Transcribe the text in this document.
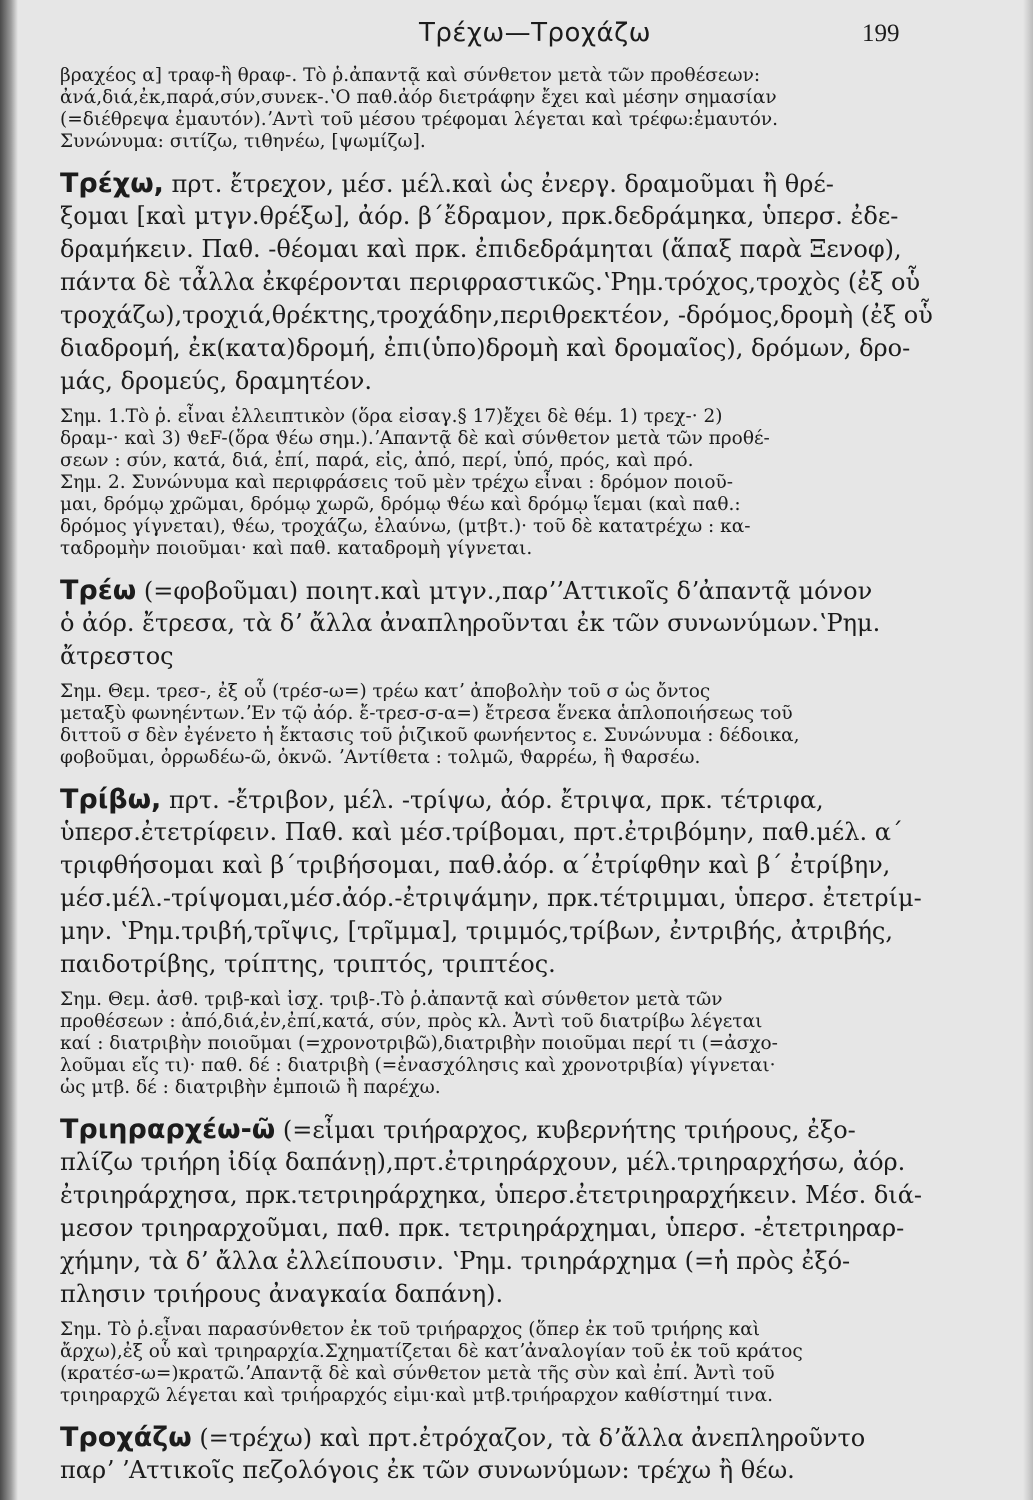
Τρέχω—Τροχάζω	199
βραχέος α] τραφ-ἢ θραφ-. Τὸ ῥ.ἀπαντᾷ καὶ σύνθετον μετὰ τῶν προθέσεων:
ἀνά,διά,ἐκ,παρά,σύν,συνεκ-.ʽΟ παθ.ἀόρ διετράφην ἔχει καὶ μέσην σημασίαν
(=διέθρεψα ἐμαυτόν).ʼΑντὶ τοῦ μέσου τρέφομαι λέγεται καὶ τρέφω:ἐμαυτόν.
Συνώνυμα: σιτίζω, τιθηνέω, [ψωμίζω].
Τρέχω, πρτ. ἔτρεχον, μέσ. μέλ.καὶ ὡς ἐνεργ. δραμοῦμαι ἢ θρέ-
ξομαι [καὶ μτγν.θρέξω], ἀόρ. β΄ἔδραμον, πρκ.δεδράμηκα, ὑπερσ. ἐδε-
δραμήκειν. Παθ. -θέομαι καὶ πρκ. ἐπιδεδράμηται (ἅπαξ παρὰ Ξενοφ),
πάντα δὲ τἆλλα ἐκφέρονται περιφραστικῶς.ʽΡημ.τρόχος,τροχὸς (ἐξ οὗ
τροχάζω),τροχιά,θρέκτης,τροχάδην,περιθρεκτέον, -δρόμος,δρομὴ (ἐξ οὗ
διαδρομή, ἐκ(κατα)δρομή, ἐπι(ὑπο)δρομὴ καὶ δρομαῖος), δρόμων, δρο-
μάς, δρομεύς, δραμητέον.
Σημ. 1.Τὸ ῥ. εἶναι ἐλλειπτικὸν (ὅρα εἰσαγ.§ 17)ἔχει δὲ θέμ. 1) τρεχ-· 2)
δραμ-· καὶ 3) ϑεF-(ὅρα ϑέω σημ.).ʼΑπαντᾷ δὲ καὶ σύνθετον μετὰ τῶν προθέ-
σεων : σύν, κατά, διά, ἐπί, παρά, εἰς, ἀπό, περί, ὑπό, πρός, καὶ πρό.
Σημ. 2. Συνώνυμα καὶ περιφράσεις τοῦ μὲν τρέχω εἶναι : δρόμον ποιοῦ-
μαι, δρόμῳ χρῶμαι, δρόμῳ χωρῶ, δρόμῳ ϑέω καὶ δρόμῳ ἵεμαι (καὶ παθ.:
δρόμος γίγνεται), ϑέω, τροχάζω, ἐλαύνω, (μτβτ.)· τοῦ δὲ κατατρέχω : κα-
ταδρομὴν ποιοῦμαι· καὶ παθ. καταδρομὴ γίγνεται.
Τρέω (=φοβοῦμαι) ποιητ.καὶ μτγν.,παρʼʼΑττικοῖς δʼἀπαντᾷ μόνον
ὁ ἀόρ. ἔτρεσα, τὰ δʼ ἄλλα ἀναπληροῦνται ἐκ τῶν συνωνύμων.ʽΡημ.
ἄτρεστος
Σημ. Θεμ. τρεσ-, ἐξ οὗ (τρέσ-ω=) τρέω κατʼ ἀποβολὴν τοῦ σ ὡς ὄντος
μεταξὺ φωνηέντων.ʼΕν τῷ ἀόρ. ἔ-τρεσ-σ-α=) ἔτρεσα ἕνεκα ἁπλοποιήσεως τοῦ
διττοῦ σ δὲν ἐγένετο ἡ ἔκτασις τοῦ ῥιζικοῦ φωνήεντος ε. Συνώνυμα : δέδοικα,
φοβοῦμαι, ὀρρωδέω-ῶ, ὀκνῶ. ʼΑντίθετα : τολμῶ, ϑαρρέω, ἢ ϑαρσέω.
Τρίβω, πρτ. -ἔτριβον, μέλ. -τρίψω, ἀόρ. ἔτριψα, πρκ. τέτριφα,
ὑπερσ.ἐτετρίφειν. Παθ. καὶ μέσ.τρίβομαι, πρτ.ἐτριβόμην, παθ.μέλ. α΄
τριφθήσομαι καὶ β΄τριβήσομαι, παθ.ἀόρ. α΄ἐτρίφθην καὶ β΄ ἐτρίβην,
μέσ.μέλ.-τρίψομαι,μέσ.ἀόρ.-ἐτριψάμην, πρκ.τέτριμμαι, ὑπερσ. ἐτετρίμ-
μην. ʽΡημ.τριβή,τρῖψις, [τρῖμμα], τριμμός,τρίβων, ἐντριβής, ἀτριβής,
παιδοτρίβης, τρίπτης, τριπτός, τριπτέος.
Σημ. Θεμ. ἀσθ. τριβ-καὶ ἰσχ. τριβ-.Τὸ ῥ.ἀπαντᾷ καὶ σύνθετον μετὰ τῶν
προθέσεων : ἀπό,διά,ἐν,ἐπί,κατά, σύν, πρὸς κλ. Ἀντὶ τοῦ διατρίβω λέγεται
καί : διατριβὴν ποιοῦμαι (=χρονοτριβῶ),διατριβὴν ποιοῦμαι περί τι (=ἀσχο-
λοῦμαι εἴς τι)· παθ. δέ : διατριβὴ (=ἐνασχόλησις καὶ χρονοτριβία) γίγνεται·
ὡς μτβ. δέ : διατριβὴν ἐμποιῶ ἢ παρέχω.
Τριηραρχέω-ῶ (=εἶμαι τριήραρχος, κυβερνήτης τριήρους, ἐξο-
πλίζω τριήρη ἰδίᾳ δαπάνῃ),πρτ.ἐτριηράρχουν, μέλ.τριηραρχήσω, ἀόρ.
ἐτριηράρχησα, πρκ.τετριηράρχηκα, ὑπερσ.ἐτετριηραρχήκειν. Μέσ. διά-
μεσον τριηραρχοῦμαι, παθ. πρκ. τετριηράρχημαι, ὑπερσ. -ἐτετριηραρ-
χήμην, τὰ δʼ ἄλλα ἐλλείπουσιν. ʽΡημ. τριηράρχημα (=ἡ πρὸς ἐξό-
πλησιν τριήρους ἀναγκαία δαπάνη).
Σημ. Τὸ ῥ.εἶναι παρασύνθετον ἐκ τοῦ τριήραρχος (ὅπερ ἐκ τοῦ τριήρης καὶ
ἄρχω),ἐξ οὗ καὶ τριηραρχία.Σχηματίζεται δὲ κατʼἀναλογίαν τοῦ ἐκ τοῦ κράτος
(κρατέσ-ω=)κρατῶ.ʼΑπαντᾷ δὲ καὶ σύνθετον μετὰ τῆς σὺν καὶ ἐπί. Ἀντὶ τοῦ
τριηραρχῶ λέγεται καὶ τριήραρχός εἰμι·καὶ μτβ.τριήραρχον καθίστημί τινα.
Τροχάζω (=τρέχω) καὶ πρτ.ἐτρόχαζον, τὰ δʼἄλλα ἀνεπληροῦντο
παρʼ ʼΑττικοῖς πεζολόγοις ἐκ τῶν συνωνύμων: τρέχω ἢ θέω.
